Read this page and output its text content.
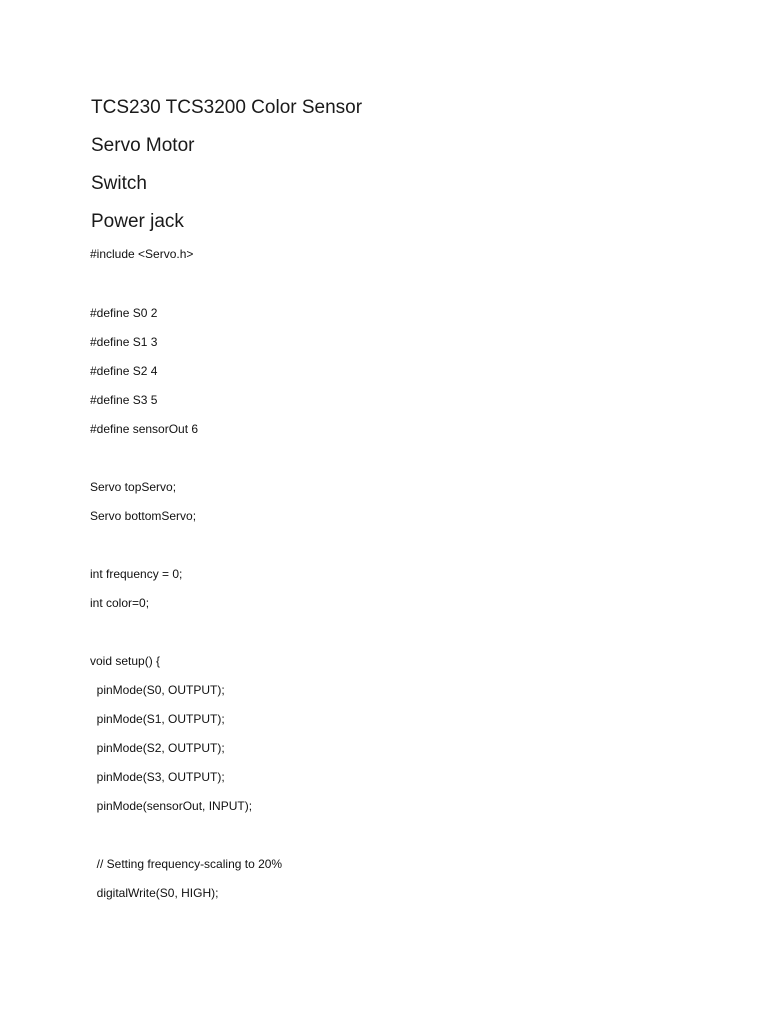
TCS230 TCS3200 Color Sensor
Servo Motor
Switch
Power jack
#include <Servo.h>
#define S0 2
#define S1 3
#define S2 4
#define S3 5
#define sensorOut 6
Servo topServo;
Servo bottomServo;
int frequency = 0;
int color=0;
void setup() {
pinMode(S0, OUTPUT);
pinMode(S1, OUTPUT);
pinMode(S2, OUTPUT);
pinMode(S3, OUTPUT);
pinMode(sensorOut, INPUT);
// Setting frequency-scaling to 20%
digitalWrite(S0, HIGH);
